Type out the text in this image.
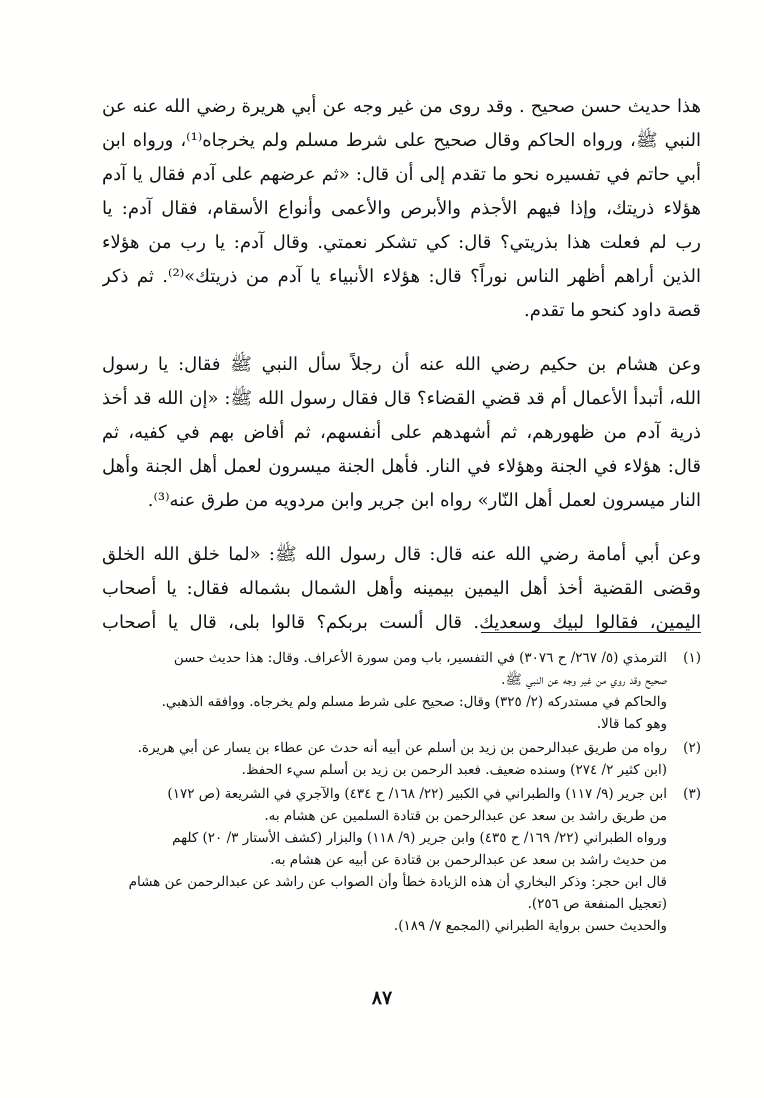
هذا حديث حسن صحيح . وقد روى من غير وجه عن أبي هريرة رضي الله عنه عن
النبي ﷺ، ورواه الحاكم وقال صحيح على شرط مسلم ولم يخرجاه⁽¹⁾، ورواه ابن
أبي حاتم في تفسيره نحو ما تقدم إلى أن قال: «ثم عرضهم على آدم فقال يا آدم
هؤلاء ذريتك، وإذا فيهم الأجذم والأبرص والأعمى وأنواع الأسقام، فقال آدم: يا
رب لم فعلت هذا بذريتي؟ قال: كي تشكر نعمتي. وقال آدم: يا رب من هؤلاء
الذين أراهم أظهر الناس نوراً؟ قال: هؤلاء الأنبياء يا آدم من ذريتك»⁽²⁾. ثم ذكر
قصة داود كنحو ما تقدم.
وعن هشام بن حكيم رضي الله عنه أن رجلاً سأل النبي ﷺ فقال: يا رسول
الله، أتبدأ الأعمال أم قد قضي القضاء؟ قال فقال رسول الله ﷺ: «إن الله قد أخذ
ذرية آدم من ظهورهم، ثم أشهدهم على أنفسهم، ثم أفاض بهم في كفيه، ثم
قال: هؤلاء في الجنة وهؤلاء في النار. فأهل الجنة ميسرون لعمل أهل الجنة وأهل
النار ميسرون لعمل أهل النّار» رواه ابن جرير وابن مردويه من طرق عنه⁽³⁾.
وعن أبي أمامة رضي الله عنه قال: قال رسول الله ﷺ: «لما خلق الله الخلق
وقضى القضية أخذ أهل اليمين بيمينه وأهل الشمال بشماله فقال: يا أصحاب
اليمين، فقالوا لبيك وسعديك. قال ألست بربكم؟ قالوا بلى، قال يا أصحاب
(١)
الترمذي (٥/ ٢٦٧/ ح ٣٠٧٦) في التفسير، باب ومن سورة الأعراف. وقال: هذا حديث حسن
صحيح وقد روي من غير وجه عن النبي ﷺ.
والحاكم في مستدركه (٢/ ٣٢٥) وقال: صحيح على شرط مسلم ولم يخرجاه. ووافقه الذهبي.
وهو كما قالا.
(٢)
رواه من طريق عبدالرحمن بن زيد بن أسلم عن أبيه أنه حدث عن عطاء بن يسار عن أبي هريرة.
(ابن كثير ٢/ ٢٧٤) وسنده ضعيف. فعبد الرحمن بن زيد بن أسلم سيء الحفظ.
(٣)
ابن جرير (٩/ ١١٧) والطبراني في الكبير (٢٢/ ١٦٨/ ح ٤٣٤) والآجري في الشريعة (ص ١٧٢)
من طريق راشد بن سعد عن عبدالرحمن بن قتادة السلمين عن هشام به.
ورواه الطبراني (٢٢/ ١٦٩/ ح ٤٣٥) وابن جرير (٩/ ١١٨) والبزار (كشف الأستار ٣/ ٢٠) كلهم
من حديث راشد بن سعد عن عبدالرحمن بن قتادة عن أبيه عن هشام به.
قال ابن حجر: وذكر البخاري أن هذه الزيادة خطأ وأن الصواب عن راشد عن عبدالرحمن عن هشام
(تعجيل المنفعة ص ٢٥٦).
والحديث حسن برواية الطبراني (المجمع ٧/ ١٨٩).
٨٧
